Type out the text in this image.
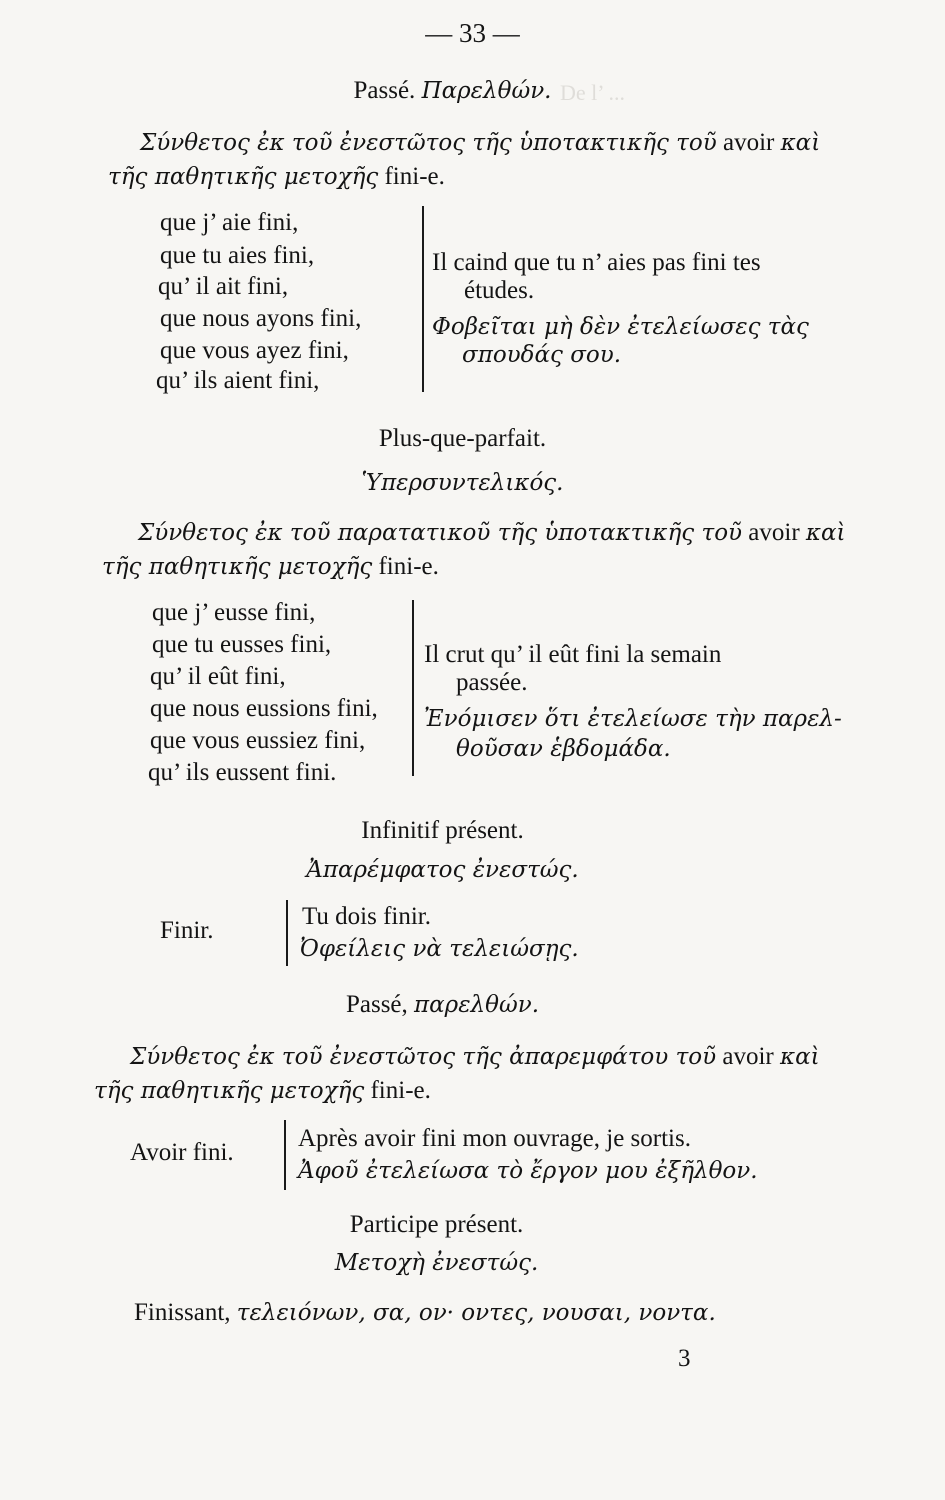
De l’ ...
— 33 —
Passé. Παρελθών.
Σύνθετος ἐκ τοῦ ἐνεστῶτος τῆς ὑποτακτικῆς τοῦ avoir καὶ
τῆς παθητικῆς μετοχῆς fini-e.
que j’ aie fini,
que tu aies fini,
qu’ il ait fini,
que nous ayons fini,
que vous ayez fini,
qu’ ils aient fini,
Il caind que tu n’ aies pas fini tes
études.
Φοβεῖται μὴ δὲν ἐτελείωσες τὰς
σπουδάς σου.
Plus-que-parfait.
Ὑπερσυντελικός.
Σύνθετος ἐκ τοῦ παρατατικοῦ τῆς ὑποτακτικῆς τοῦ avoir καὶ
τῆς παθητικῆς μετοχῆς fini-e.
que j’ eusse fini,
que tu eusses fini,
qu’ il eût fini,
que nous eussions fini,
que vous eussiez fini,
qu’ ils eussent fini.
Il crut qu’ il eût fini la semain
passée.
Ἐνόμισεν ὅτι ἐτελείωσε τὴν παρελ-
θοῦσαν ἑβδομάδα.
Infinitif présent.
Ἀπαρέμφατος ἐνεστώς.
Finir.
Tu dois finir.
Ὀφείλεις νὰ τελειώσῃς.
Passé, παρελθών.
Σύνθετος ἐκ τοῦ ἐνεστῶτος τῆς ἀπαρεμφάτου τοῦ avoir καὶ
τῆς παθητικῆς μετοχῆς fini-e.
Avoir fini.
Après avoir fini mon ouvrage, je sortis.
Ἀφοῦ ἐτελείωσα τὸ ἔργον μου ἐξῆλθον.
Participe présent.
Μετοχὴ ἐνεστώς.
Finissant, τελειόνων, σα, ον· οντες, νουσαι, νοντα.
3
